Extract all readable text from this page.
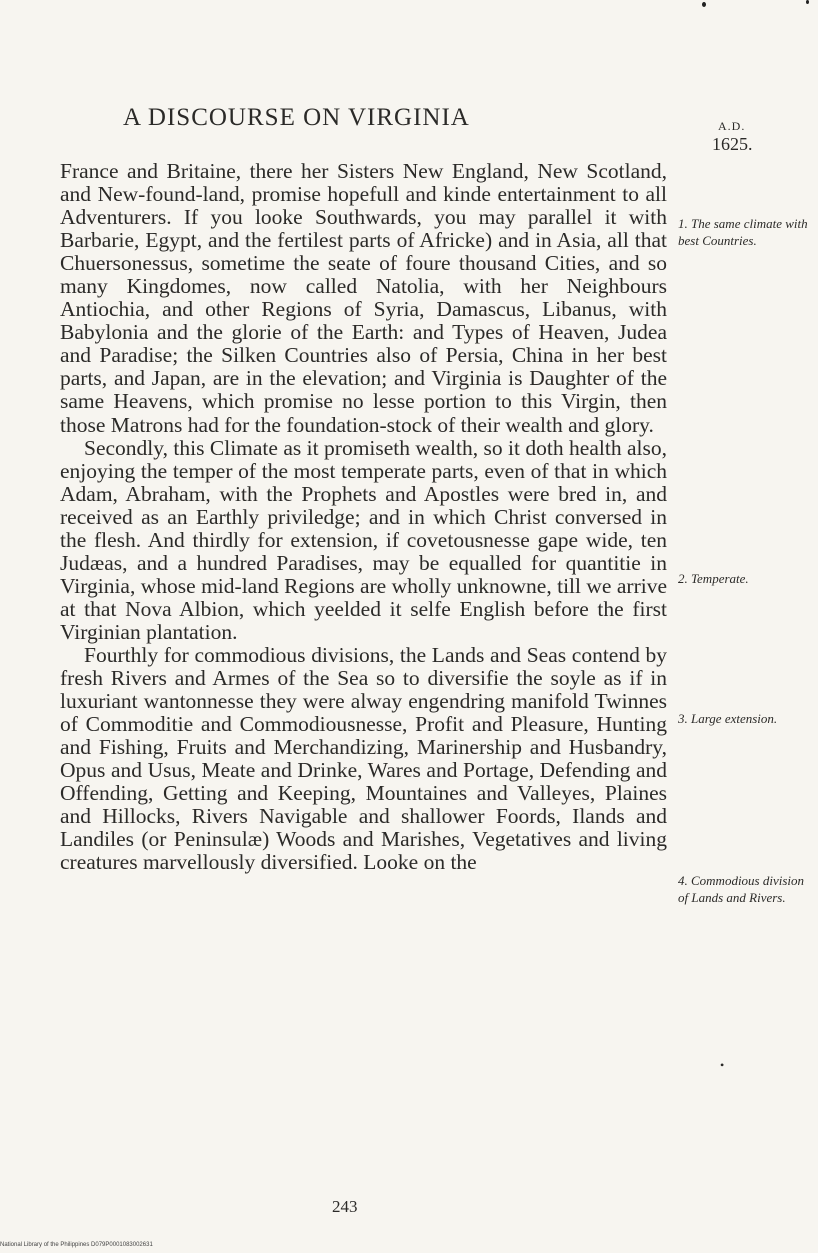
A DISCOURSE ON VIRGINIA	A.D.
1625.

France and Britaine, there her Sisters New England, New Scotland, and New-found-land, promise hopefull and kinde entertainment to all Adventurers. If you looke Southwards, you may parallel it with Barbarie, Egypt, and the fertilest parts of Africke) and in Asia, all that Chuersonessus, sometime the seate of foure thousand Cities, and so many Kingdomes, now called Natolia, with her Neighbours Antiochia, and other Regions of Syria, Damascus, Libanus, with Babylonia and the glorie of the Earth: and Types of Heaven, Judea and Paradise; the Silken Countries also of Persia, China in her best parts, and Japan, are in the elevation; and Virginia is Daughter of the same Heavens, which promise no lesse portion to this Virgin, then those Matrons had for the foundation-stock of their wealth and glory.

Secondly, this Climate as it promiseth wealth, so it doth health also, enjoying the temper of the most temperate parts, even of that in which Adam, Abraham, with the Prophets and Apostles were bred in, and received as an Earthly priviledge; and in which Christ conversed in the flesh. And thirdly for extension, if covetousnesse gape wide, ten Judæas, and a hundred Paradises, may be equalled for quantitie in Virginia, whose mid-land Regions are wholly unknowne, till we arrive at that Nova Albion, which yeelded it selfe English before the first Virginian plantation.

Fourthly for commodious divisions, the Lands and Seas contend by fresh Rivers and Armes of the Sea so to diversifie the soyle as if in luxuriant wantonnesse they were alway engendring manifold Twinnes of Commoditie and Commodiousnesse, Profit and Pleasure, Hunting and Fishing, Fruits and Merchandizing, Marinership and Husbandry, Opus and Usus, Meate and Drinke, Wares and Portage, Defending and Offending, Getting and Keeping, Mountaines and Valleyes, Plaines and Hillocks, Rivers Navigable and shallower Foords, Ilands and Landiles (or Peninsulæ) Woods and Marishes, Vegetatives and living creatures marvellously diversified. Looke on the

1. The same climate with best Countries.
2. Temperate.
3. Large extension.
4. Commodious division of Lands and Rivers.
•
243
National Library of the Philippines D079P0001083002631
